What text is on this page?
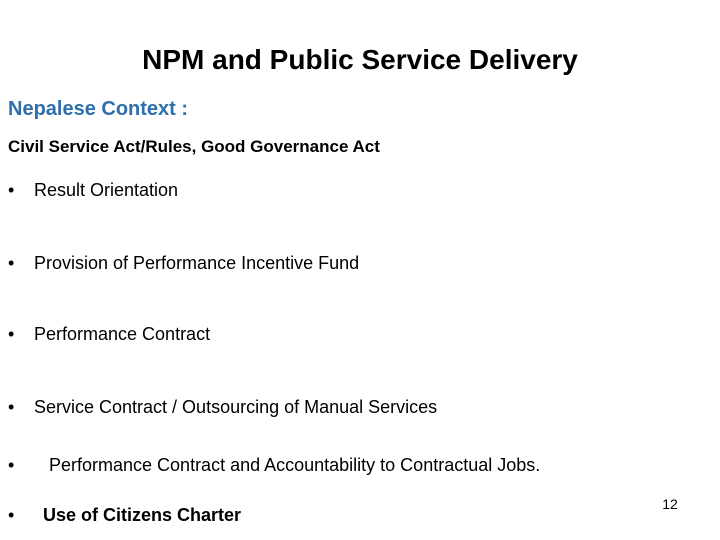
NPM and Public Service Delivery
Nepalese Context :
Civil Service Act/Rules, Good Governance Act
• Result Orientation
• Provision of Performance Incentive Fund
• Performance Contract
• Service Contract / Outsourcing of Manual Services
• Performance Contract and Accountability to Contractual Jobs.
• Use of Citizens Charter
12
